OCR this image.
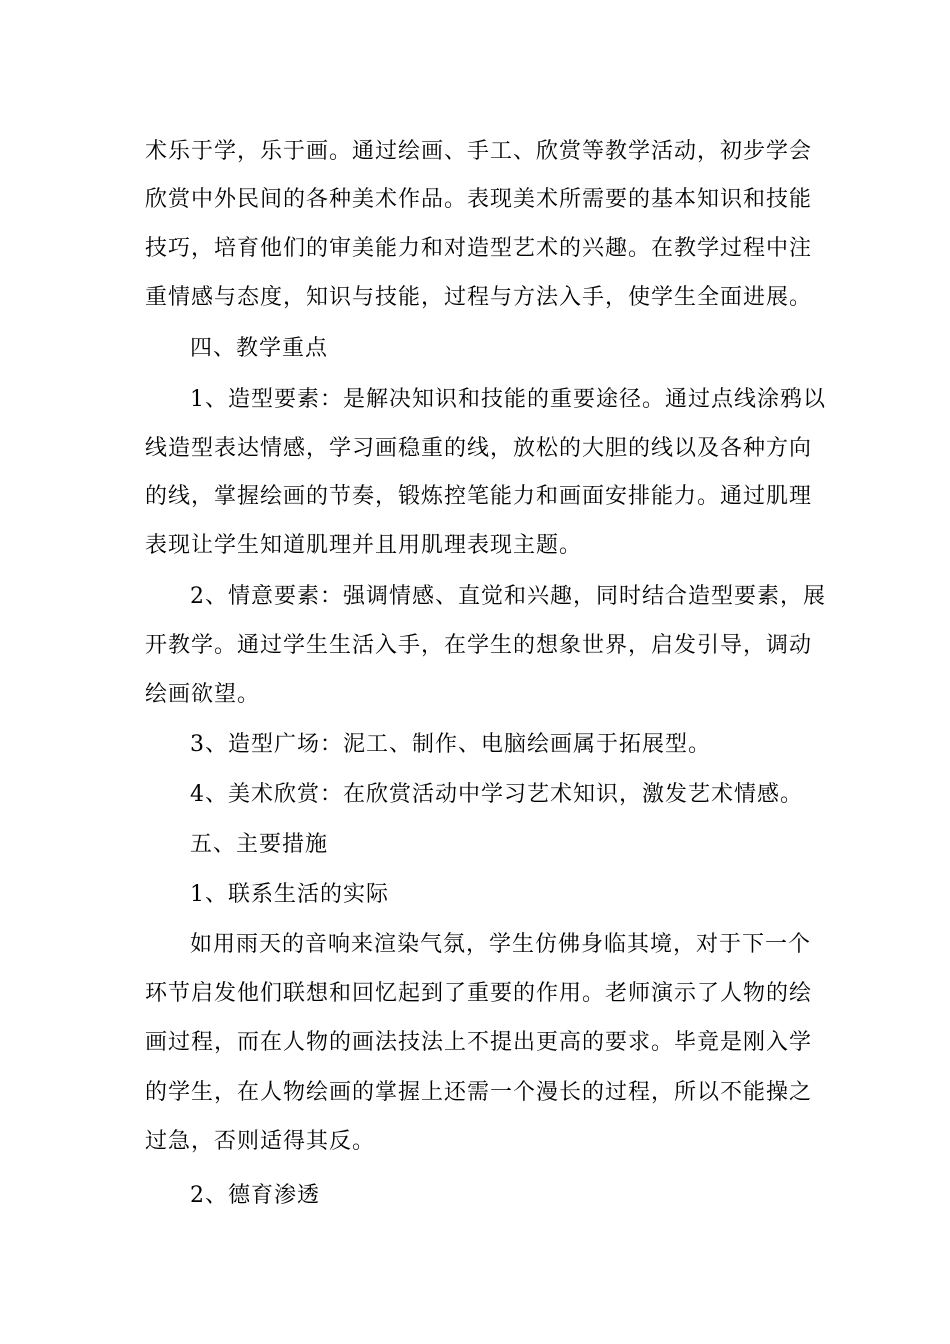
术乐于学，乐于画。通过绘画、手工、欣赏等教学活动，初步学会
欣赏中外民间的各种美术作品。表现美术所需要的基本知识和技能
技巧，培育他们的审美能力和对造型艺术的兴趣。在教学过程中注
重情感与态度，知识与技能，过程与方法入手，使学生全面进展。
四、教学重点
1、造型要素：是解决知识和技能的重要途径。通过点线涂鸦以
线造型表达情感，学习画稳重的线，放松的大胆的线以及各种方向
的线，掌握绘画的节奏，锻炼控笔能力和画面安排能力。通过肌理
表现让学生知道肌理并且用肌理表现主题。
2、情意要素：强调情感、直觉和兴趣，同时结合造型要素，展
开教学。通过学生生活入手，在学生的想象世界，启发引导，调动
绘画欲望。
3、造型广场：泥工、制作、电脑绘画属于拓展型。
4、美术欣赏：在欣赏活动中学习艺术知识，激发艺术情感。
五、主要措施
1、联系生活的实际
如用雨天的音响来渲染气氛，学生仿佛身临其境，对于下一个
环节启发他们联想和回忆起到了重要的作用。老师演示了人物的绘
画过程，而在人物的画法技法上不提出更高的要求。毕竟是刚入学
的学生，在人物绘画的掌握上还需一个漫长的过程，所以不能操之
过急，否则适得其反。
2、德育渗透
